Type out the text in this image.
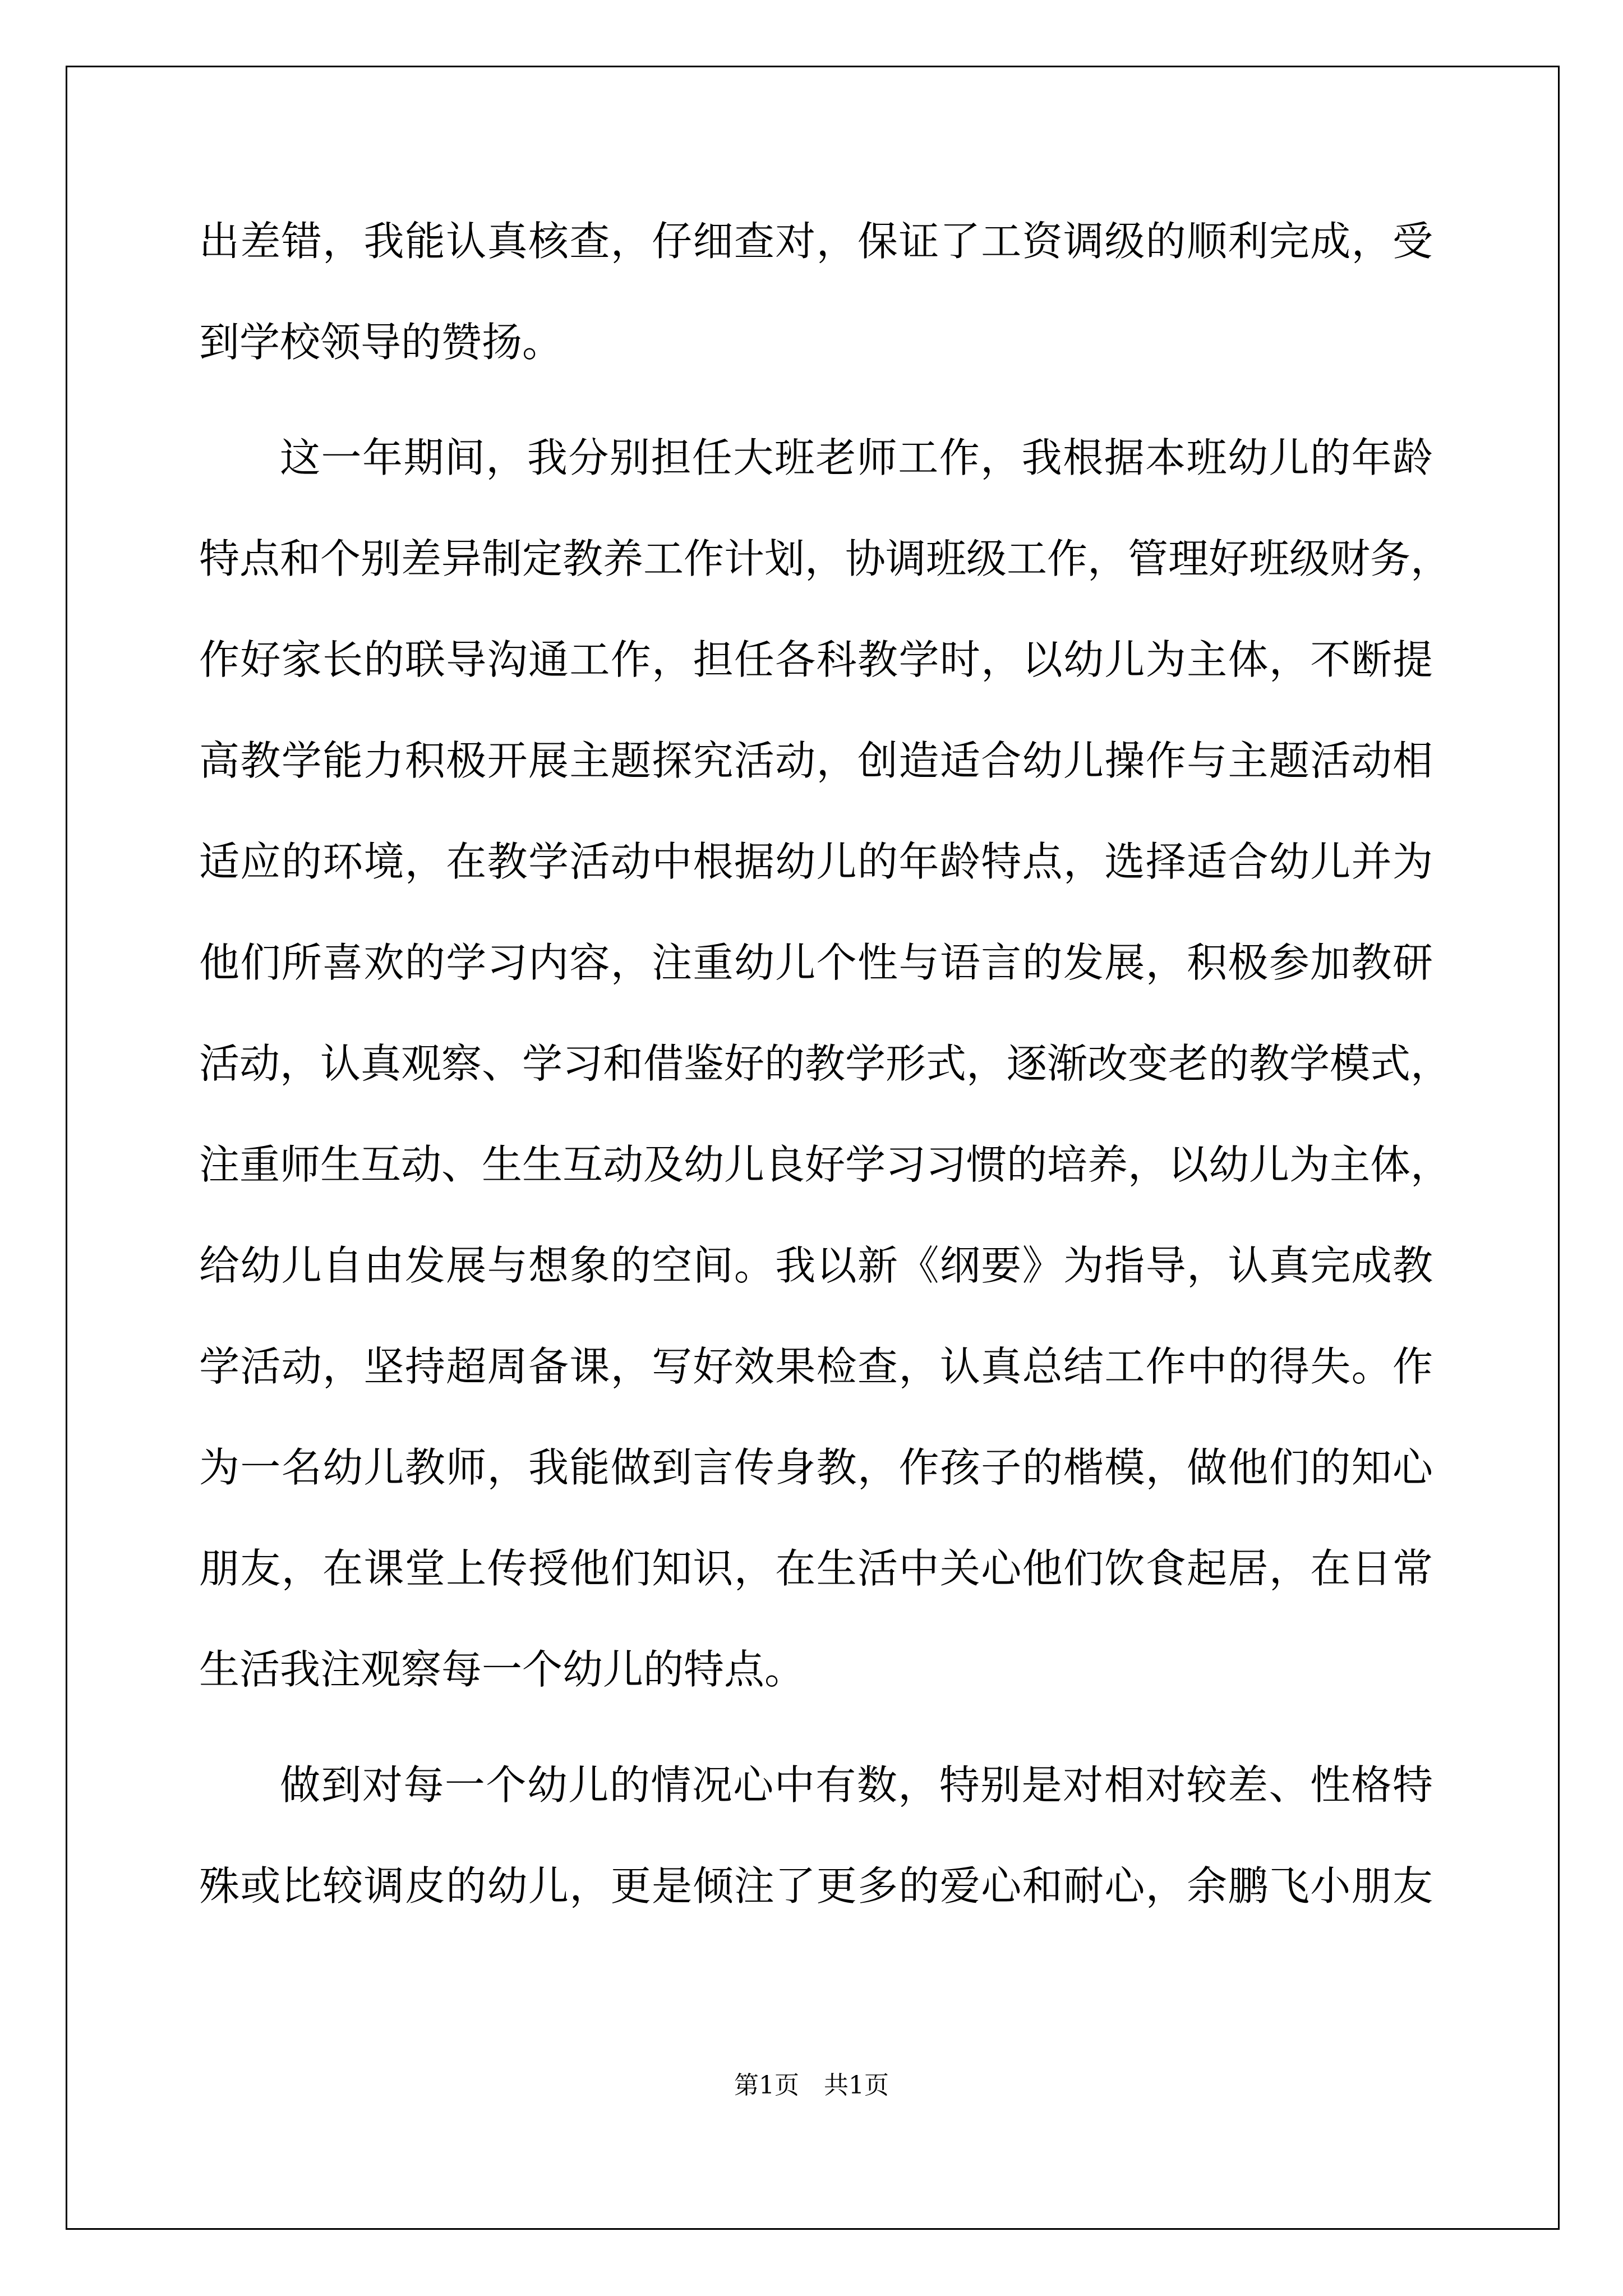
出差错，我能认真核查，仔细查对，保证了工资调级的顺利完成，受
到学校领导的赞扬。
这一年期间，我分别担任大班老师工作，我根据本班幼儿的年龄
特点和个别差异制定教养工作计划，协调班级工作，管理好班级财务，
作好家长的联导沟通工作，担任各科教学时，以幼儿为主体，不断提
高教学能力积极开展主题探究活动，创造适合幼儿操作与主题活动相
适应的环境，在教学活动中根据幼儿的年龄特点，选择适合幼儿并为
他们所喜欢的学习内容，注重幼儿个性与语言的发展，积极参加教研
活动，认真观察、学习和借鉴好的教学形式，逐渐改变老的教学模式，
注重师生互动、生生互动及幼儿良好学习习惯的培养，以幼儿为主体，
给幼儿自由发展与想象的空间。我以新《纲要》为指导，认真完成教
学活动，坚持超周备课，写好效果检查，认真总结工作中的得失。作
为一名幼儿教师，我能做到言传身教，作孩子的楷模，做他们的知心
朋友，在课堂上传授他们知识，在生活中关心他们饮食起居，在日常
生活我注观察每一个幼儿的特点。
做到对每一个幼儿的情况心中有数，特别是对相对较差、性格特
殊或比较调皮的幼儿，更是倾注了更多的爱心和耐心，余鹏飞小朋友
第1页　共1页
